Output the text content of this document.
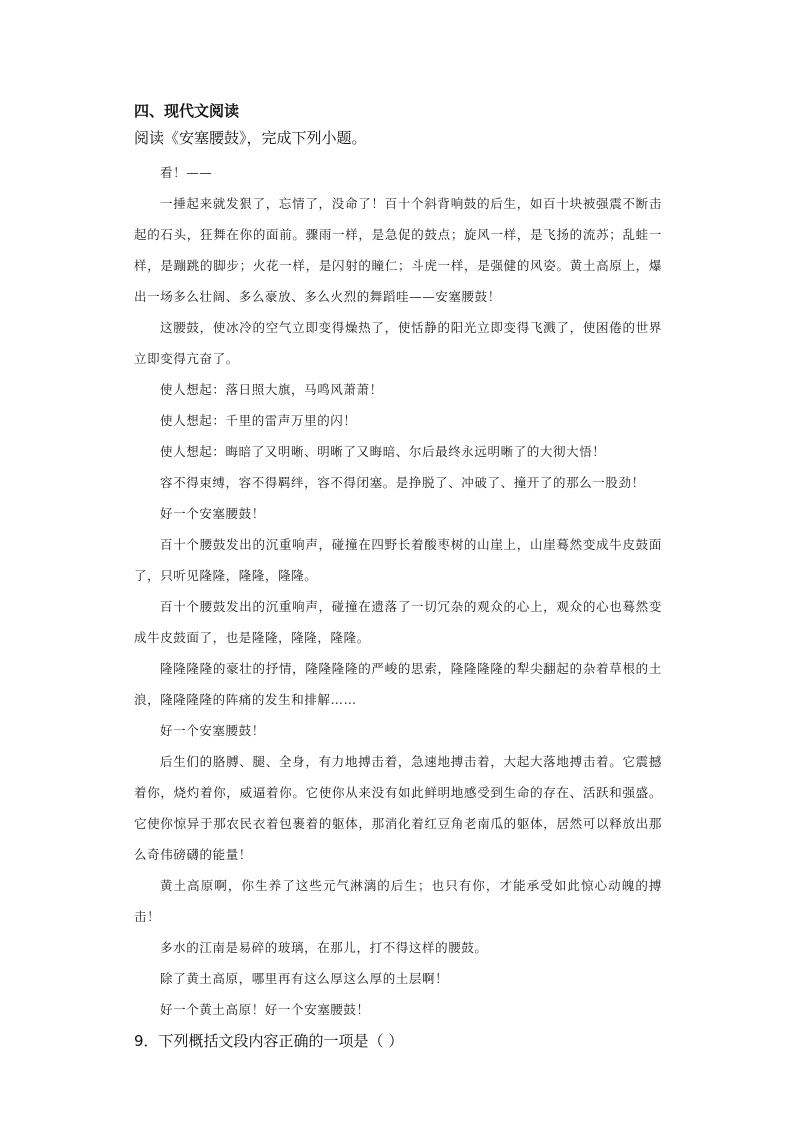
四、现代文阅读
阅读《安塞腰鼓》，完成下列小题。

看！——

一捶起来就发狠了，忘情了，没命了！百十个斜背响鼓的后生，如百十块被强震不断击起的石头，狂舞在你的面前。骤雨一样，是急促的鼓点；旋风一样，是飞扬的流苏；乱蛙一样，是蹦跳的脚步；火花一样，是闪射的瞳仁；斗虎一样，是强健的风姿。黄土高原上，爆出一场多么壮阔、多么豪放、多么火烈的舞蹈哇——安塞腰鼓！

这腰鼓，使冰冷的空气立即变得燥热了，使恬静的阳光立即变得飞溅了，使困倦的世界立即变得亢奋了。

使人想起：落日照大旗，马鸣风萧萧！

使人想起：千里的雷声万里的闪！

使人想起：晦暗了又明晰、明晰了又晦暗、尔后最终永远明晰了的大彻大悟！

容不得束缚，容不得羁绊，容不得闭塞。是挣脱了、冲破了、撞开了的那么一股劲！

好一个安塞腰鼓！

百十个腰鼓发出的沉重响声，碰撞在四野长着酸枣树的山崖上，山崖蓦然变成牛皮鼓面了，只听见隆隆，隆隆，隆隆。

百十个腰鼓发出的沉重响声，碰撞在遗落了一切冗杂的观众的心上，观众的心也蓦然变成牛皮鼓面了，也是隆隆，隆隆，隆隆。

隆隆隆隆的豪壮的抒情，隆隆隆隆的严峻的思索，隆隆隆隆的犁尖翻起的杂着草根的土浪，隆隆隆隆的阵痛的发生和排解……

好一个安塞腰鼓！

后生们的胳膊、腿、全身，有力地搏击着，急速地搏击着，大起大落地搏击着。它震撼着你，烧灼着你，威逼着你。它使你从来没有如此鲜明地感受到生命的存在、活跃和强盛。它使你惊异于那农民衣着包裹着的躯体，那消化着红豆角老南瓜的躯体，居然可以释放出那么奇伟磅礴的能量！

黄土高原啊，你生养了这些元气淋漓的后生；也只有你，才能承受如此惊心动魄的搏击！

多水的江南是易碎的玻璃，在那儿，打不得这样的腰鼓。

除了黄土高原，哪里再有这么厚这么厚的土层啊！

好一个黄土高原！好一个安塞腰鼓！

9．下列概括文段内容正确的一项是（ ）
